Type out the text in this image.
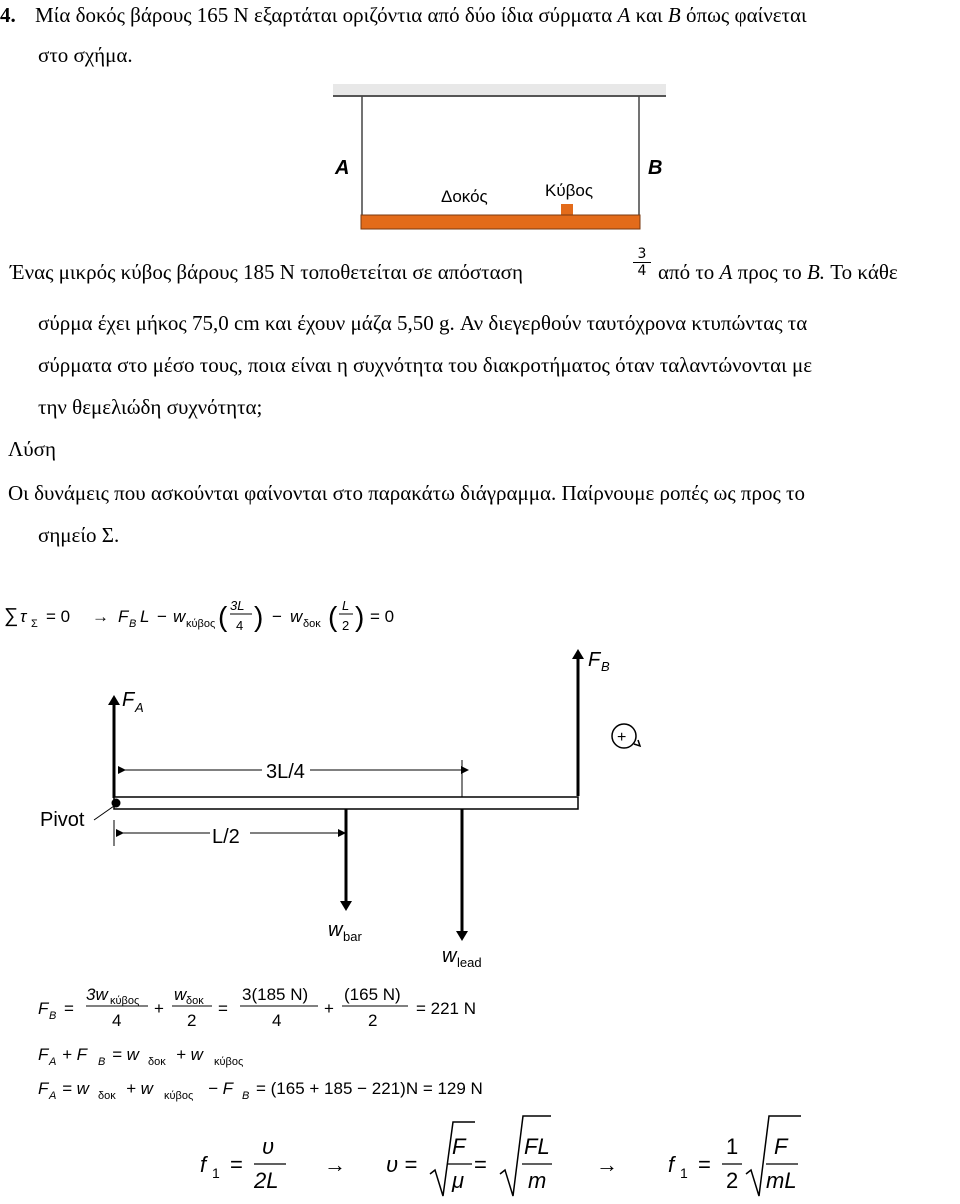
4. Μία δοκός βάρους 165 N εξαρτάται οριζόντια από δύο ίδια σύρματα A και B όπως φαίνεται
στο σχήμα.
A	B
Δοκός	Κύβος
Ένας μικρός κύβος βάρους 185 N τοποθετείται σε απόσταση	$\frac{3}{4}$ από το A προς το B. Το κάθε
σύρμα έχει μήκος 75,0 cm και έχουν μάζα 5,50 g. Αν διεγερθούν ταυτόχρονα κτυπώντας τα
σύρματα στο μέσο τους, ποια είναι η συχνότητα του διακροτήματος όταν ταλαντώνονται με
την θεμελιώδη συχνότητα;
Λύση
Οι δυνάμεις που ασκούνται φαίνονται στο παρακάτω διάγραμμα. Παίρνουμε ροπές ως προς το
σημείο Σ.
∑ τ Σ = 0 → F B L − w κύβος ( 3L
4 ) − w δοκ ( L
2 ) = 0
F B
F A
+
3L/4
Pivot
L/2
w bar
w lead
F B =
3w κύβος
4
+
w δοκ
2
=
3(185 N)
4
+
(165 N)
2
= 221 N
F A + F B = w δοκ + w κύβος
F A = w δοκ + w κύβος − F B = (165 + 185 − 221)N = 129 N
f 1 =
υ
2L
→ υ =
F
μ
=
FL
m
→ f 1 =
1
2
F
mL
